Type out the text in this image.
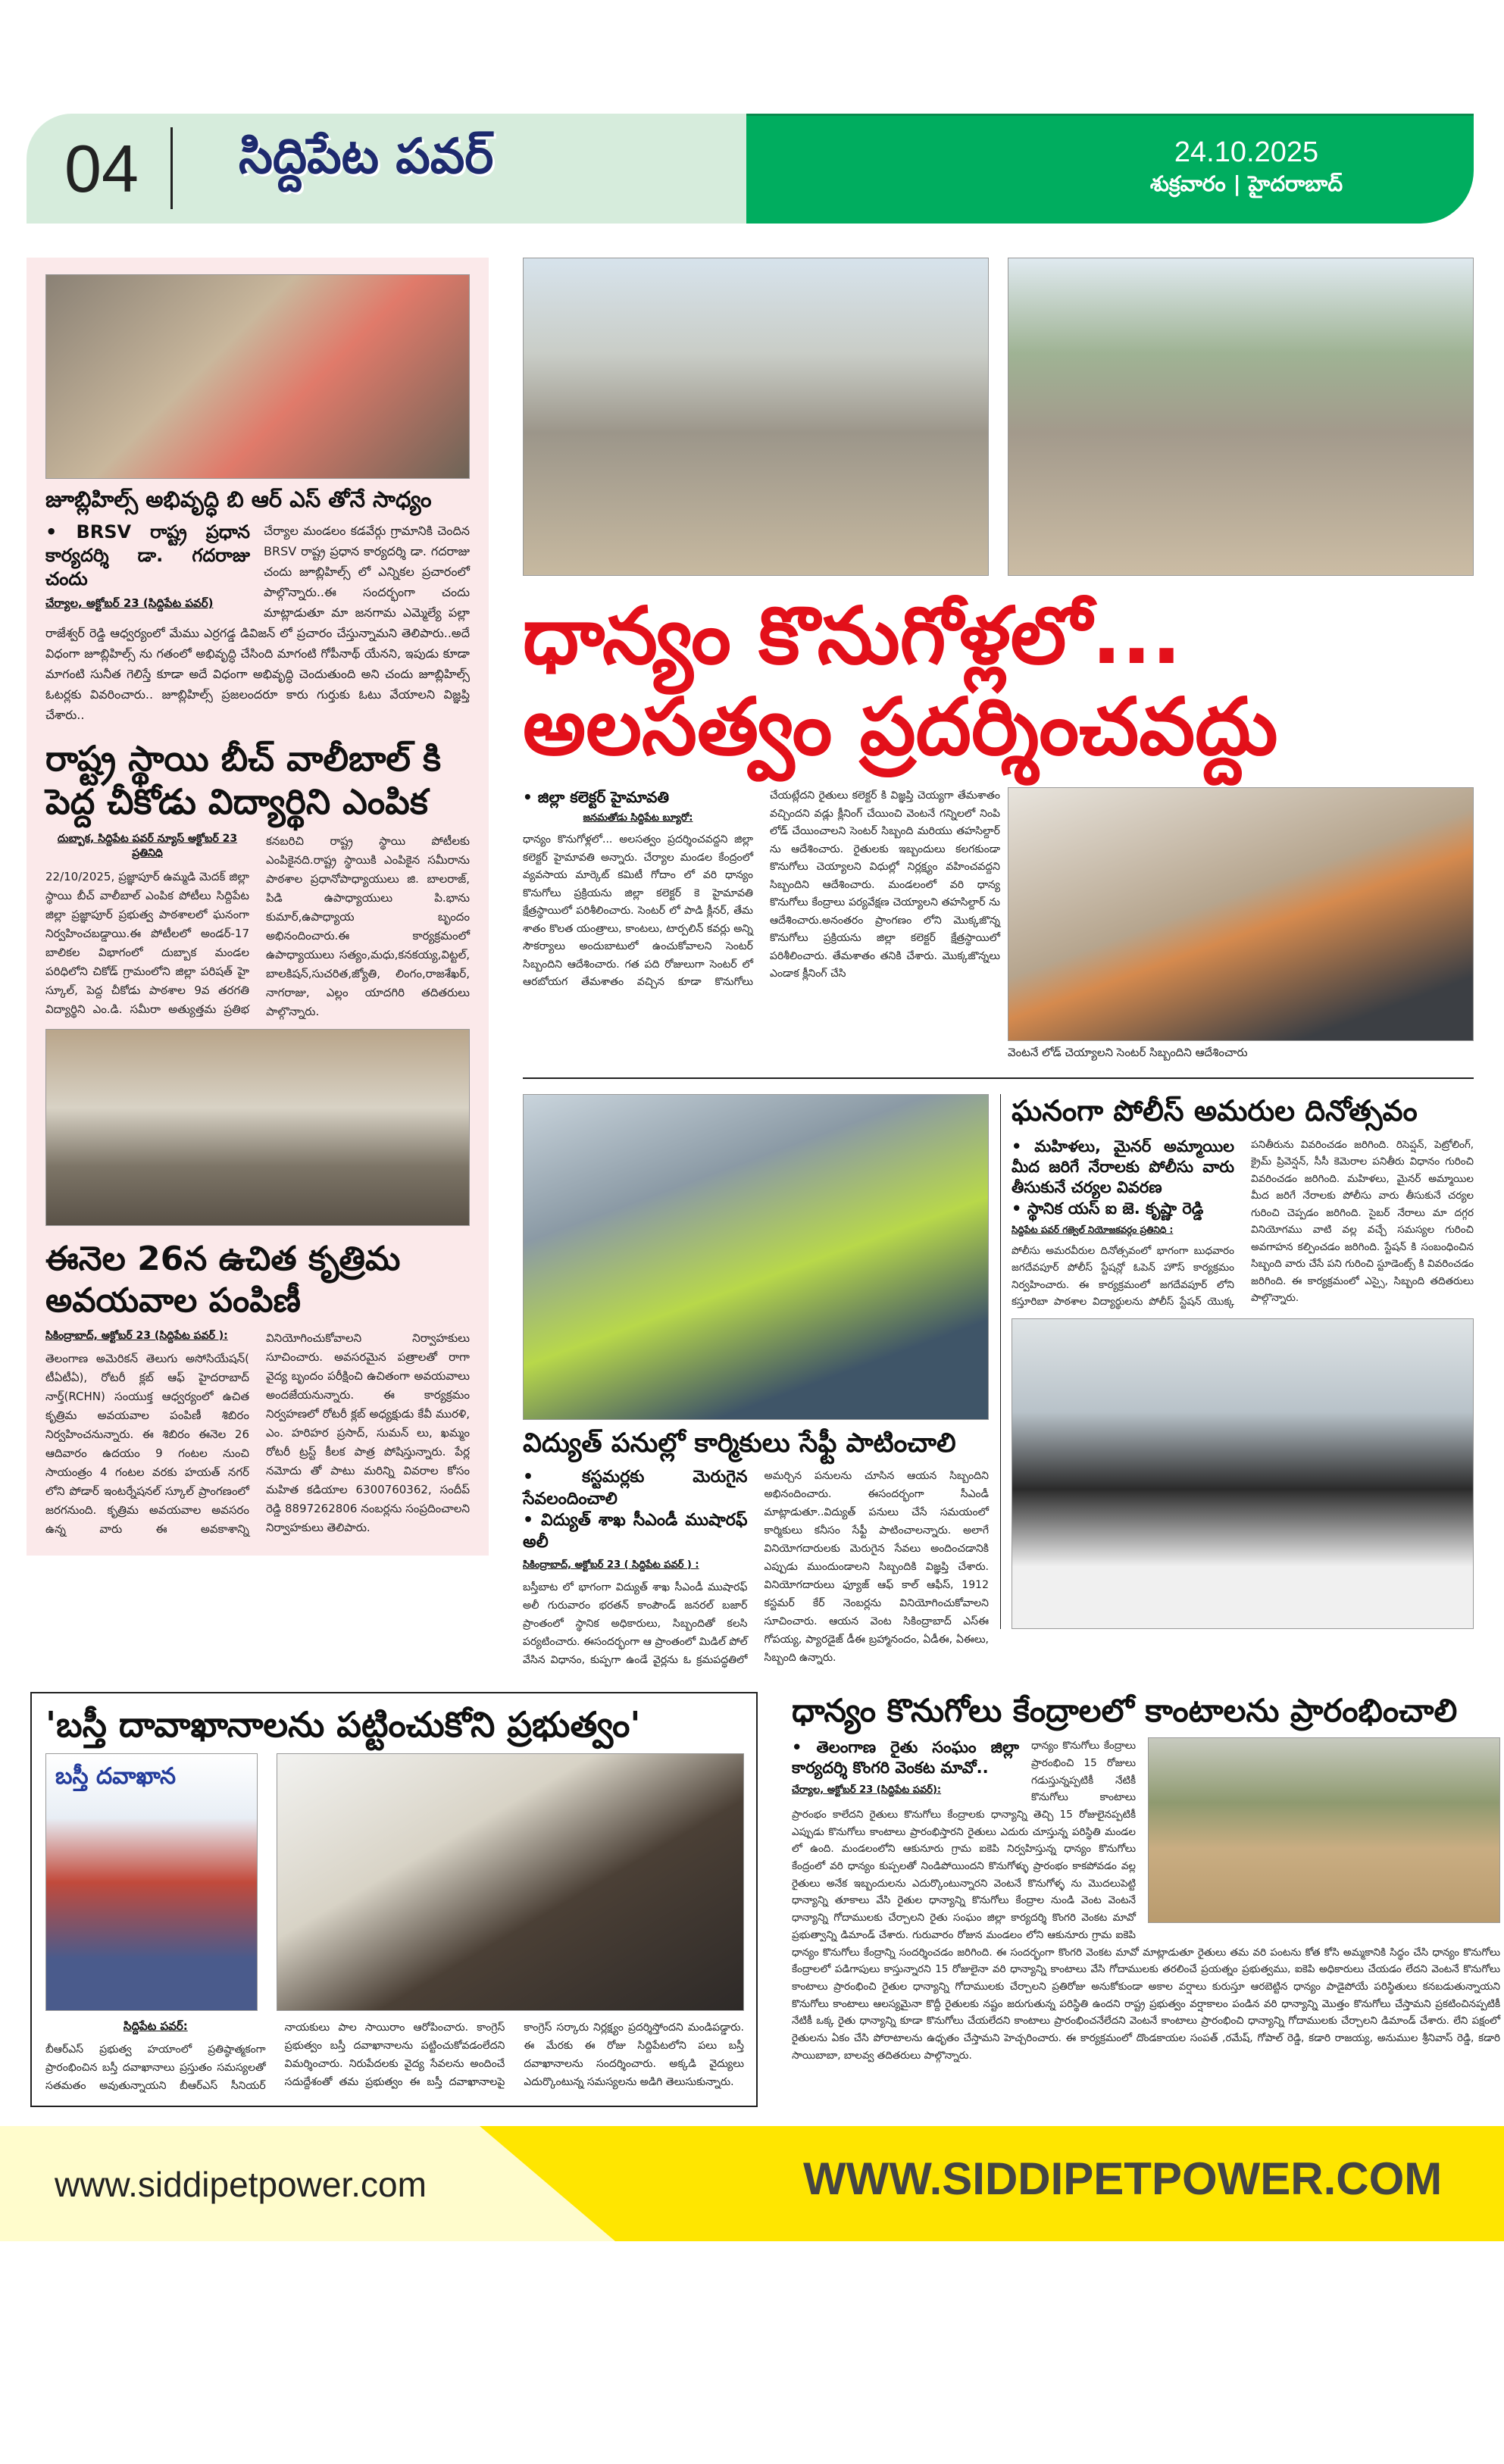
04 సిద్దిపేట పవర్	24.10.2025
శుక్రవారం | హైదరాబాద్
జూబ్లిహిల్స్ అభివృద్ధి బి ఆర్ ఎస్ తోనే సాధ్యం
• BRSV రాష్ట్ర ప్రధాన కార్యదర్శి డా. గదరాజు చందు
చేర్యాల, అక్టోబర్ 23 (సిద్దిపేట పవర్)
చేర్యాల మండలం కడవేర్గు గ్రామానికి చెందిన BRSV రాష్ట్ర ప్రధాన కార్యదర్శి డా. గదరాజు చందు జూబ్లిహిల్స్ లో ఎన్నికల ప్రచారంలో పాల్గొన్నారు..ఈ సందర్భంగా చందు మాట్లాడుతూ మా జనగామ ఎమ్మెల్యే పల్లా రాజేశ్వర్ రెడ్డి ఆధ్వర్యంలో మేము ఎర్రగడ్డ డివిజన్ లో ప్రచారం చేస్తున్నామని తెలిపారు..అదే విధంగా జూబ్లిహిల్స్ ను గతంలో అభివృద్ధి చేసింది మాగంటి గోపీనాథ్ యేనని, ఇపుడు కూడా మాగంటి సునీత గెలిస్తే కూడా అదే విధంగా అభివృద్ధి చెందుతుంది అని చందు జూబ్లిహిల్స్ ఓటర్లకు వివరించారు.. జూబ్లిహిల్స్ ప్రజలందరూ కారు గుర్తుకు ఓటు వేయాలని విజ్ఞప్తి చేశారు..
రాష్ట్ర స్థాయి బీచ్ వాలీబాల్ కి పెద్ద చీకోడు విద్యార్థిని ఎంపిక
దుబ్బాక, సిద్దిపేట పవర్ న్యూస్ అక్టోబర్ 23 ప్రతినిధి
22/10/2025, ప్రజ్ఞాపూర్ ఉమ్మడి మెదక్ జిల్లా స్థాయి బీచ్ వాలీబాల్ ఎంపిక పోటీలు సిద్దిపేట జిల్లా ప్రజ్ఞాపూర్ ప్రభుత్వ పాఠశాలలో ఘనంగా నిర్వహించబడ్డాయి.ఈ పోటీలలో అండర్-17 బాలికల విభాగంలో దుబ్బాక మండల పరిధిలోని చికోడ్ గ్రామంలోని జిల్లా పరిషత్ హై స్కూల్, పెద్ద చీకోడు పాఠశాల 9వ తరగతి విద్యార్థిని ఎం.డి. సమీరా అత్యుత్తమ ప్రతిభ కనబరిచి రాష్ట్ర స్థాయి పోటీలకు ఎంపికైనది.రాష్ట్ర స్థాయికి ఎంపికైన సమీరాను పాఠశాల ప్రధానోపాధ్యాయులు జి. బాలరాజ్, పిడి ఉపాధ్యాయులు పి.భాను కుమార్,ఉపాధ్యాయ బృందం అభినందించారు.ఈ కార్యక్రమంలో ఉపాధ్యాయులు సత్యం,మధు,కనకయ్య,విట్టల్, బాలకిషన్,సుచరిత,జ్యోతి, లింగం,రాజశేఖర్, నాగరాజు, ఎల్లం యాదగిరి తదితరులు పాల్గొన్నారు.
ఈనెల 26న ఉచిత కృత్రిమ అవయవాల పంపిణీ
సికింద్రాబాద్, అక్టోబర్ 23 (సిద్దిపేట పవర్ ):
తెలంగాణ అమెరికన్ తెలుగు అసోసియేషన్( టీఏటీఏ), రోటరీ క్లబ్ ఆఫ్ హైదరాబాద్ నార్త్(RCHN) సంయుక్త ఆధ్వర్యంలో ఉచిత కృత్రిమ అవయవాల పంపిణీ శిబిరం నిర్వహించనున్నారు. ఈ శిబిరం ఈనెల 26 ఆదివారం ఉదయం 9 గంటల నుంచి సాయంత్రం 4 గంటల వరకు హయత్ నగర్ లోని పోడార్ ఇంటర్నేషనల్ స్కూల్ ప్రాంగణంలో జరగనుంది. కృత్రిమ అవయవాల అవసరం ఉన్న వారు ఈ అవకాశాన్ని వినియోగించుకోవాలని నిర్వాహకులు సూచించారు. అవసరమైన పత్రాలతో రాగా వైద్య బృందం పరీక్షించి ఉచితంగా అవయవాలు అందజేయనున్నారు. ఈ కార్యక్రమం నిర్వహణలో రోటరీ క్లబ్ అధ్యక్షుడు కేవీ మురళి, ఎం. హరిహర ప్రసాద్, సుమన్ లు, ఖమ్మం రోటరీ ట్రస్ట్ కీలక పాత్ర పోషిస్తున్నారు. పేర్ల నమోదు తో పాటు మరిన్ని వివరాల కోసం మహిత కడియాల 6300760362, సందీప్ రెడ్డి 8897262806 నంబర్లను సంప్రదించాలని నిర్వాహకులు తెలిపారు.
ధాన్యం కొనుగోళ్లలో...
అలసత్వం ప్రదర్శించవద్దు
• జిల్లా కలెక్టర్ హైమావతి
జనమతోడు సిద్దిపేట బ్యూరో:
ధాన్యం కొనుగోళ్లలో... అలసత్వం ప్రదర్శించవద్దని జిల్లా కలెక్టర్ హైమావతి అన్నారు. చేర్యాల మండల కేంద్రంలో వ్యవసాయ మార్కెట్ కమిటీ గోదాం లో వరి ధాన్యం కొనుగోలు ప్రక్రియను జిల్లా కలెక్టర్ కె హైమావతి క్షేత్రస్థాయిలో పరిశీలించారు. సెంటర్ లో పాడి క్లీనర్, తేమ శాతం కొలత యంత్రాలు, కాంటలు, టార్పలిన్ కవర్లు అన్ని సౌకర్యాలు అందుబాటులో ఉంచుకోవాలని సెంటర్ సిబ్బందిని ఆదేశించారు. గత పది రోజులుగా సెంటర్ లో ఆరబోయగ తేమశాతం వచ్చిన కూడా కొనుగోలు చేయట్లేదని రైతులు కలెక్టర్ కి విజ్ఞప్తి చెయ్యగా తేమశాతం వచ్చిందని వడ్లు క్లీనింగ్ చేయించి వెంటనే గన్నిలలో నింపి లోడ్ చేయించాలని సెంటర్ సిబ్బంది మరియు తహసిల్దార్ ను ఆదేశించారు. రైతులకు ఇబ్బందులు కలగకుండా కొనుగోలు చెయ్యాలని విధుల్లో నిర్లక్ష్యం వహించవద్దని సిబ్బందిని ఆదేశించారు. మండలంలో వరి ధాన్య కొనుగోలు కేంద్రాలు పర్యవేక్షణ చెయ్యాలని తహసిల్దార్ ను ఆదేశించారు.అనంతరం ప్రాంగణం లోని మొక్కజొన్న కొనుగోలు ప్రక్రియను జిల్లా కలెక్టర్ క్షేత్రస్థాయిలో పరిశీలించారు. తేమశాతం తనికి చేశారు. మొక్కజొన్నలు ఎండాక క్లీనింగ్ చేసి
వెంటనే లోడ్ చెయ్యాలని సెంటర్ సిబ్బందిని ఆదేశించారు
విద్యుత్ పనుల్లో కార్మికులు సేఫ్టీ పాటించాలి
• కస్టమర్లకు మెరుగైన సేవలందించాలి
• విద్యుత్ శాఖ సీఎండీ ముషారఫ్ అలీ
సికింద్రాబాద్, అక్టోబర్ 23 ( సిద్దిపేట పవర్ ) :
బస్తీబాట లో భాగంగా విద్యుత్ శాఖ సీఎండీ ముషారఫ్ అలీ గురువారం భరతన్ కాంపౌండ్ జనరల్ బజార్ ప్రాంతంలో స్థానిక అధికారులు, సిబ్బందితో కలసి పర్యటించారు. ఈసందర్భంగా ఆ ప్రాంతంలో మిడిల్ పోల్ వేసిన విధానం, కుప్పగా ఉండే వైర్లను ఓ క్రమపద్ధతిలో అమర్చిన పనులను చూసిన ఆయన సిబ్బందిని అభినందించారు. ఈసందర్భంగా సీఎండీ మాట్లాడుతూ..విద్యుత్ పనులు చేసే సమయంలో కార్మికులు కనీసం సేఫ్టీ పాటించాలన్నారు. అలాగే వినియోగదారులకు మెరుగైన సేవలు అందించడానికి ఎప్పుడు ముందుండాలని సిబ్బందికి విజ్ఞప్తి చేశారు. వినియోగదారులు ఫ్యూజ్ ఆఫ్ కాల్ ఆఫీస్, 1912 కస్టమర్ కేర్ నెంబర్లను వినియోగించుకోవాలని సూచించారు. ఆయన వెంట సికింద్రాబాద్ ఎస్ఈ గోపయ్య, ప్యారడైజ్ డీఈ బ్రహ్మానందం, ఏడీఈ, ఏఈలు, సిబ్బంది ఉన్నారు.
ఘనంగా పోలీస్ అమరుల దినోత్సవం
• మహిళలు, మైనర్ అమ్మాయిల మీద జరిగే నేరాలకు పోలీసు వారు తీసుకునే చర్యల వివరణ
• స్థానిక యస్ ఐ జె. కృష్ణా రెడ్డి
సిద్దిపేట పవర్ గజ్వెల్ నియోజకవర్గం ప్రతినిధి :
పోలీసు అమరవీరుల దినోత్సవంలో భాగంగా బుధవారం జగదేవపూర్ పోలీస్ స్టేషన్లో ఓపెన్ హౌస్ కార్యక్రమం నిర్వహించారు. ఈ కార్యక్రమంలో జగదేవపూర్ లోని కస్తూరిబా పాఠశాల విద్యార్థులను పోలీస్ స్టేషన్ యొక్క పనితీరును వివరించడం జరిగింది. రిసెప్షన్, పెట్రోలింగ్, క్రైమ్ ప్రివెన్షన్, సీసీ కెమెరాల పనితీరు విధానం గురించి వివరించడం జరిగింది. మహిళలు, మైనర్ అమ్మాయిల మీద జరిగే నేరాలకు పోలీసు వారు తీసుకునే చర్యల గురించి చెప్పడం జరిగింది. సైబర్ నేరాలు మా దగ్గర వినియోగము వాటి వల్ల వచ్చే సమస్యల గురించి అవగాహన కల్పించడం జరిగింది. స్టేషన్ కి సంబంధించిన సిబ్బంది వారు చేసే పని గురించి స్టూడెంట్స్ కి వివరించడం జరిగింది. ఈ కార్యక్రమంలో ఎస్సై, సిబ్బంది తదితరులు పాల్గొన్నారు.
'బస్తీ దావాఖానాలను పట్టించుకోని ప్రభుత్వం'
బస్తీ దవాఖాన
సిద్దిపేట పవర్:
బీఆర్ఎస్ ప్రభుత్వ హయాంలో ప్రతిష్ఠాత్మకంగా ప్రారంభించిన బస్తీ దవాఖానాలు ప్రస్తుతం సమస్యలతో సతమతం అవుతున్నాయని బీఆర్ఎస్ సీనియర్ నాయకులు పాల సాయిరాం ఆరోపించారు. కాంగ్రెస్ ప్రభుత్వం బస్తీ దవాఖానాలను పట్టించుకోవడంలేదని విమర్శించారు. నిరుపేదలకు వైద్య సేవలను అందించే సదుద్దేశంతో తమ ప్రభుత్వం ఈ బస్తీ దవాఖానాలపై కాంగ్రెస్ సర్కారు నిర్లక్ష్యం ప్రదర్శిస్తోందని మండిపడ్డారు. ఈ మేరకు ఈ రోజు సిద్దిపేటలోని పలు బస్తీ దవాఖానాలను సందర్శించారు. అక్కడి వైద్యులు ఎదుర్కొంటున్న సమస్యలను అడిగి తెలుసుకున్నారు.
ధాన్యం కొనుగోలు కేంద్రాలలో కాంటాలను ప్రారంభించాలి
• తెలంగాణ రైతు సంఘం జిల్లా కార్యదర్శి కొంగరి వెంకట మావో..
చేర్యాల, అక్టోబర్ 23 (సిద్దిపేట పవర్):
ధాన్యం కొనుగోలు కేంద్రాలు ప్రారంభించి 15 రోజులు గడుస్తున్నప్పటికీ నేటికీ కొనుగోలు కాంటాలు ప్రారంభం కాలేదని రైతులు కొనుగోలు కేంద్రాలకు ధాన్యాన్ని తెచ్చి 15 రోజులైనప్పటికీ ఎప్పుడు కొనుగోలు కాంటాలు ప్రారంభిస్తారని రైతులు ఎదురు చూస్తున్న పరిస్థితి మండల లో ఉంది. మండలంలోని ఆకునూరు గ్రామ ఐకెపి నిర్వహిస్తున్న ధాన్యం కొనుగోలు కేంద్రంలో వరి ధాన్యం కుప్పలతో నిండిపోయిందని కొనుగోళ్ళు ప్రారంభం కాకపోవడం వల్ల రైతులు అనేక ఇబ్బందులను ఎదుర్కొంటున్నారని వెంటనే కొనుగోళ్ళ ను మొదలుపెట్టి ధాన్యాన్ని తూకాలు వేసి రైతుల ధాన్యాన్ని కొనుగోలు కేంద్రాల నుండి వెంట వెంటనే ధాన్యాన్ని గోదాములకు చేర్చాలని రైతు సంఘం జిల్లా కార్యదర్శి కొంగరి వెంకట మావో ప్రభుత్వాన్ని డిమాండ్ చేశారు. గురువారం రోజున మండలం లోని ఆకునూరు గ్రామ ఐకెపి ధాన్యం కొనుగోలు కేంద్రాన్ని సందర్శించడం జరిగింది. ఈ సందర్భంగా కొంగరి వెంకట మావో మాట్లాడుతూ రైతులు తమ వరి పంటను కోత కోసి అమ్మకానికి సిద్ధం చేసి ధాన్యం కొనుగోలు కేంద్రాలలో పడిగాపులు కాస్తున్నారని 15 రోజులైనా వరి ధాన్యాన్ని కాంటాలు వేసి గోదాములకు తరలించే ప్రయత్నం ప్రభుత్వము, ఐకెపి అధికారులు చేయడం లేదని వెంటనే కొనుగోలు కాంటాలు ప్రారంభించి రైతుల ధాన్యాన్ని గోదాములకు చేర్చాలని ప్రతిరోజు అనుకోకుండా అకాల వర్షాలు కురుస్తూ ఆరబెట్టిన ధాన్యం పాడైపోయే పరిస్థితులు కనబడుతున్నాయని కొనుగోలు కాంటాలు ఆలస్యమైనా కొద్దీ రైతులకు నష్టం జరుగుతున్న పరిస్థితి ఉందని రాష్ట్ర ప్రభుత్వం వర్షాకాలం పండిన వరి ధాన్యాన్ని మొత్తం కొనుగోలు చేస్తామని ప్రకటించినప్పటికీ నేటికీ ఒక్క రైతు ధాన్యాన్ని కూడా కొనుగోలు చేయలేదని కాంటాలు ప్రారంభించనేలేదని వెంటనే కాంటాలు ప్రారంభించి ధాన్యాన్ని గోదాములకు చేర్చాలని డిమాండ్ చేశారు. లేని పక్షంలో రైతులను ఏకం చేసి పోరాటాలను ఉధృతం చేస్తామని హెచ్చరించారు. ఈ కార్యక్రమంలో దొండకాయల సంపత్ ,రమేష్, గోపాల్ రెడ్డి, కడారి రాజయ్య, అనుముల శ్రీనివాస్ రెడ్డి, కడారి సాయిబాబా, బాలవ్వ తదితరులు పాల్గొన్నారు.
www.siddipetpower.com	WWW.SIDDIPETPOWER.COM
